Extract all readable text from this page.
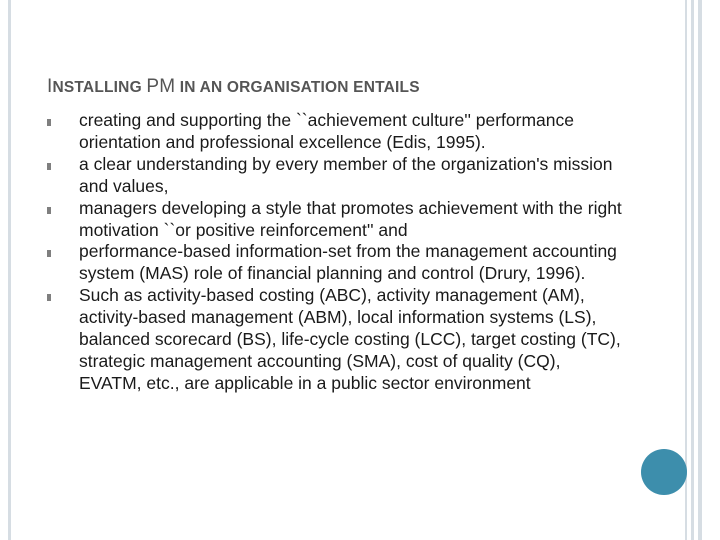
INSTALLING PM IN AN ORGANISATION ENTAILS
creating and supporting the ``achievement culture'' performance orientation and professional excellence (Edis, 1995).
a clear understanding by every member of the organization's mission and values,
managers developing a style that promotes achievement with the right motivation ``or positive reinforcement'' and
performance-based information-set from the management accounting system (MAS) role of financial planning and control (Drury, 1996).
Such as activity-based costing (ABC), activity management (AM), activity-based management (ABM), local information systems (LS), balanced scorecard (BS), life-cycle costing (LCC), target costing (TC), strategic management accounting (SMA), cost of quality (CQ), EVATM, etc., are applicable in a public sector environment
